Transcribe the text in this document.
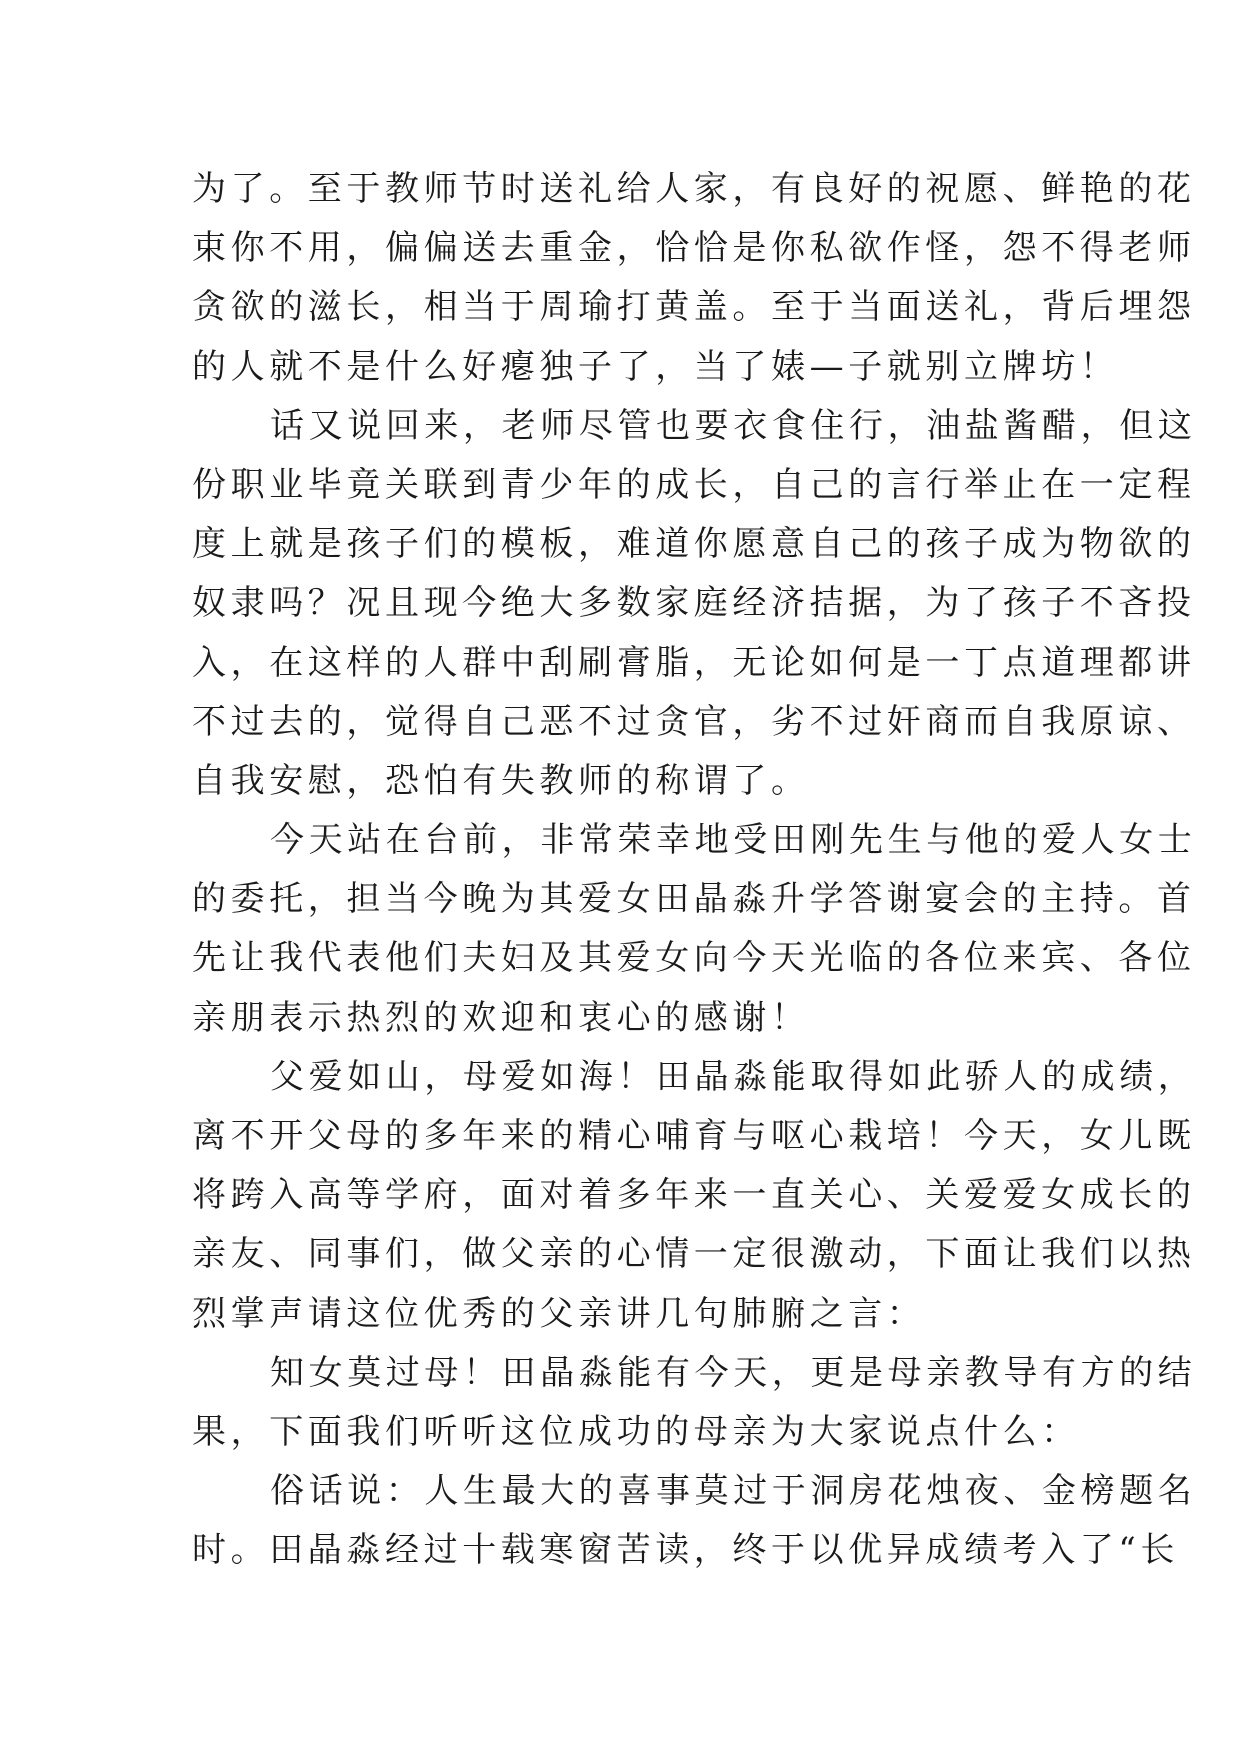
为了。至于教师节时送礼给人家，有良好的祝愿、鲜艳的花
束你不用，偏偏送去重金，恰恰是你私欲作怪，怨不得老师
贪欲的滋长，相当于周瑜打黄盖。至于当面送礼，背后埋怨
的人就不是什么好瘪独子了，当了婊—子就别立牌坊！
话又说回来，老师尽管也要衣食住行，油盐酱醋，但这
份职业毕竟关联到青少年的成长，自己的言行举止在一定程
度上就是孩子们的模板，难道你愿意自己的孩子成为物欲的
奴隶吗？况且现今绝大多数家庭经济拮据，为了孩子不吝投
入，在这样的人群中刮刷膏脂，无论如何是一丁点道理都讲
不过去的，觉得自己恶不过贪官，劣不过奸商而自我原谅、
自我安慰，恐怕有失教师的称谓了。
今天站在台前，非常荣幸地受田刚先生与他的爱人女士
的委托，担当今晚为其爱女田晶淼升学答谢宴会的主持。首
先让我代表他们夫妇及其爱女向今天光临的各位来宾、各位
亲朋表示热烈的欢迎和衷心的感谢！
父爱如山，母爱如海！田晶淼能取得如此骄人的成绩，
离不开父母的多年来的精心哺育与呕心栽培！今天，女儿既
将跨入高等学府，面对着多年来一直关心、关爱爱女成长的
亲友、同事们，做父亲的心情一定很激动，下面让我们以热
烈掌声请这位优秀的父亲讲几句肺腑之言：
知女莫过母！田晶淼能有今天，更是母亲教导有方的结
果，下面我们听听这位成功的母亲为大家说点什么：
俗话说：人生最大的喜事莫过于洞房花烛夜、金榜题名
时。田晶淼经过十载寒窗苦读，终于以优异成绩考入了“长
